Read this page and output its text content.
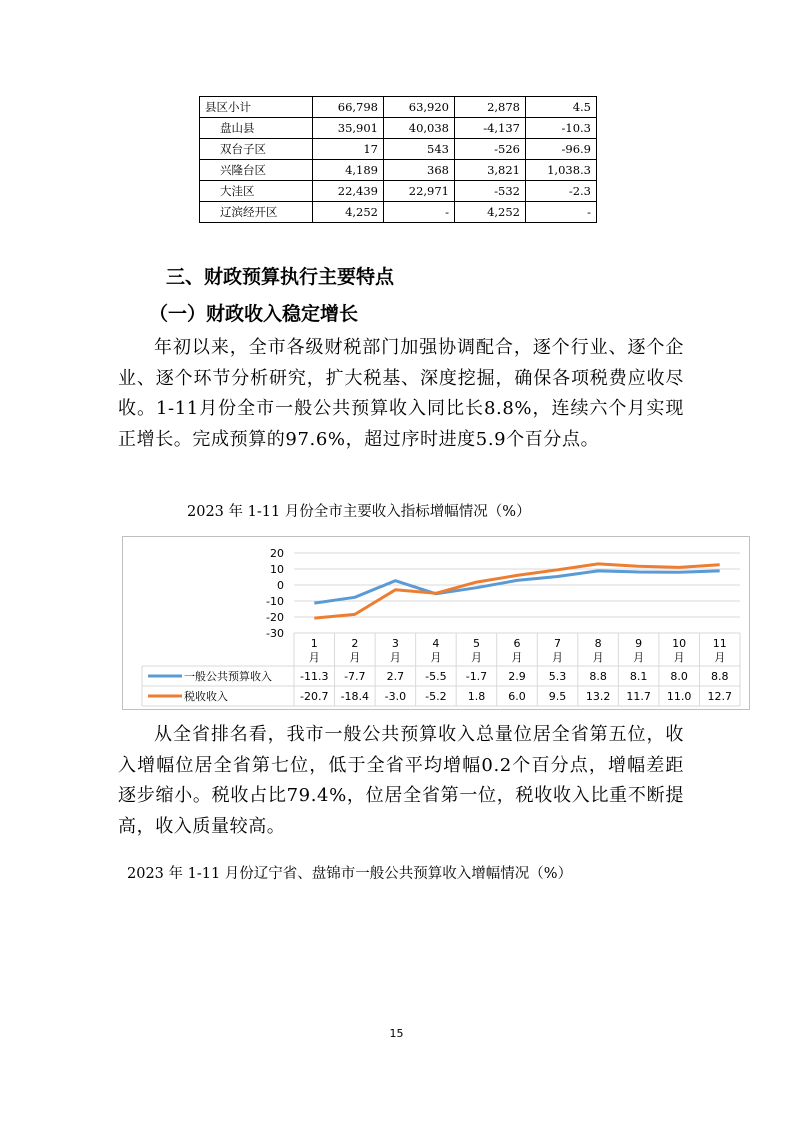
县区小计	66,798	63,920	2,878	4.5
盘山县	35,901	40,038	-4,137	-10.3
双台子区	17	543	-526	-96.9
兴隆台区	4,189	368	3,821	1,038.3
大洼区	22,439	22,971	-532	-2.3
辽滨经开区	4,252	-	4,252	-
三、财政预算执行主要特点
（一）财政收入稳定增长

年初以来，全市各级财税部门加强协调配合，逐个行业、逐个企业、逐个环节分析研究，扩大税基、深度挖掘，确保各项税费应收尽收。1-11月份全市一般公共预算收入同比长8.8%，连续六个月实现正增长。完成预算的97.6%，超过序时进度5.9个百分点。

2023 年 1-11 月份全市主要收入指标增幅情况（%）

20
10
0
-10
-20
-30
1
月
2
月
3
月
4
月
5
月
6
月
7
月
8
月
9
月
10
月
11
月
一般公共预算收入	-11.3 -7.7 2.7 -5.5 -1.7 2.9 5.3 8.8 8.1 8.0 8.8
税收收入	-20.7 -18.4 -3.0 -5.2 1.8 6.0 9.5 13.2 11.7 11.0 12.7

从全省排名看，我市一般公共预算收入总量位居全省第五位，收入增幅位居全省第七位，低于全省平均增幅0.2个百分点，增幅差距逐步缩小。税收占比79.4%，位居全省第一位，税收收入比重不断提高，收入质量较高。

2023 年 1-11 月份辽宁省、盘锦市一般公共预算收入增幅情况（%）

15
